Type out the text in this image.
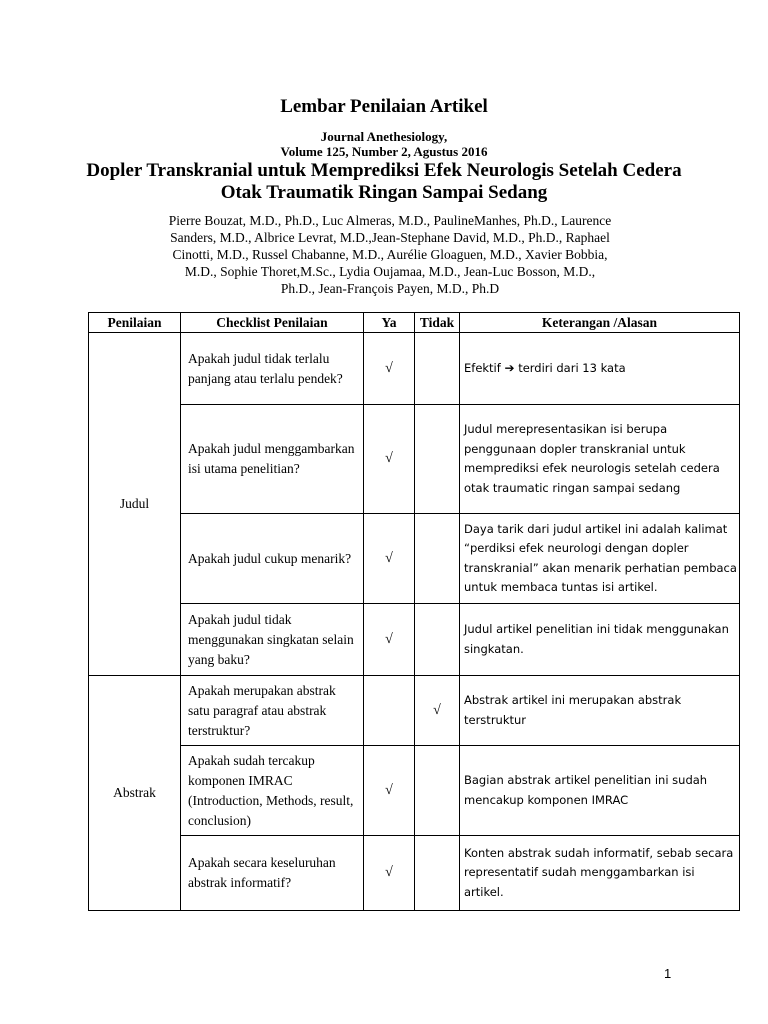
Lembar Penilaian Artikel
Journal Anethesiology,
Volume 125, Number 2, Agustus 2016
Dopler Transkranial untuk Memprediksi Efek Neurologis Setelah Cedera
Otak Traumatik Ringan Sampai Sedang
Pierre Bouzat, M.D., Ph.D., Luc Almeras, M.D., PaulineManhes, Ph.D., Laurence
Sanders, M.D., Albrice Levrat, M.D.,Jean-Stephane David, M.D., Ph.D., Raphael
Cinotti, M.D., Russel Chabanne, M.D., Aurélie Gloaguen, M.D., Xavier Bobbia,
M.D., Sophie Thoret,M.Sc., Lydia Oujamaa, M.D., Jean-Luc Bosson, M.D.,
Ph.D., Jean-François Payen, M.D., Ph.D
Penilaian	Checklist Penilaian	Ya	Tidak	Keterangan /Alasan
Judul	Apakah judul tidak terlalu panjang atau terlalu pendek?	√		Efektif ➔ terdiri dari 13 kata
	Apakah judul menggambarkan isi utama penelitian?	√		Judul merepresentasikan isi berupa penggunaan dopler transkranial untuk memprediksi efek neurologis setelah cedera otak traumatic ringan sampai sedang
	Apakah judul cukup menarik?	√		Daya tarik dari judul artikel ini adalah kalimat “perdiksi efek neurologi dengan dopler transkranial” akan menarik perhatian pembaca untuk membaca tuntas isi artikel.
	Apakah judul tidak menggunakan singkatan selain yang baku?	√		Judul artikel penelitian ini tidak menggunakan singkatan.
Abstrak	Apakah merupakan abstrak satu paragraf atau abstrak terstruktur?		√	Abstrak artikel ini merupakan abstrak terstruktur
	Apakah sudah tercakup komponen IMRAC (Introduction, Methods, result, conclusion)	√		Bagian abstrak artikel penelitian ini sudah mencakup komponen IMRAC
	Apakah secara keseluruhan abstrak informatif?	√		Konten abstrak sudah informatif, sebab secara representatif sudah menggambarkan isi artikel.
1
